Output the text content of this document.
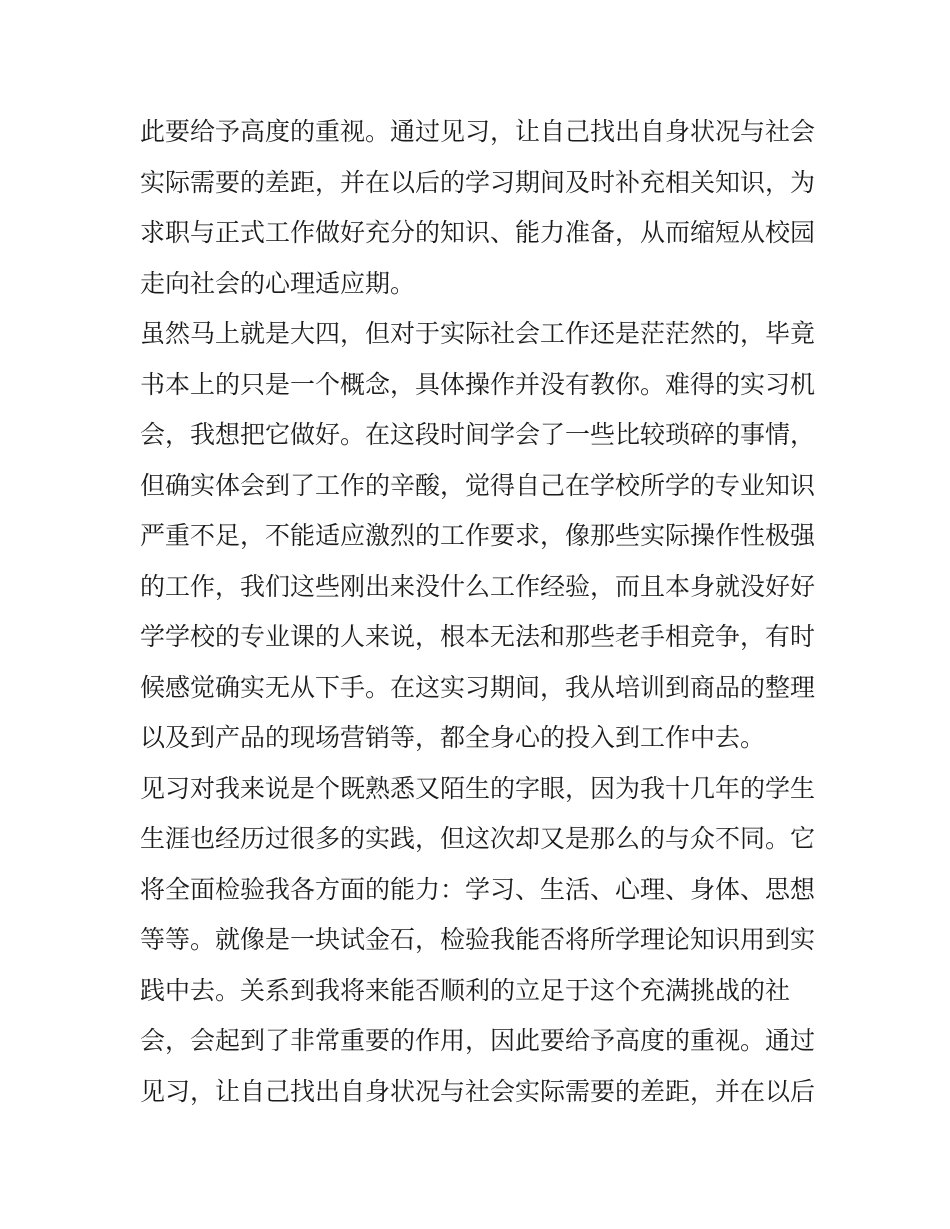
此要给予高度的重视。通过见习，让自己找出自身状况与社会
实际需要的差距，并在以后的学习期间及时补充相关知识，为
求职与正式工作做好充分的知识、能力准备，从而缩短从校园
走向社会的心理适应期。
虽然马上就是大四，但对于实际社会工作还是茫茫然的，毕竟
书本上的只是一个概念，具体操作并没有教你。难得的实习机
会，我想把它做好。在这段时间学会了一些比较琐碎的事情，
但确实体会到了工作的辛酸，觉得自己在学校所学的专业知识
严重不足，不能适应激烈的工作要求，像那些实际操作性极强
的工作，我们这些刚出来没什么工作经验，而且本身就没好好
学学校的专业课的人来说，根本无法和那些老手相竞争，有时
候感觉确实无从下手。在这实习期间，我从培训到商品的整理
以及到产品的现场营销等，都全身心的投入到工作中去。
见习对我来说是个既熟悉又陌生的字眼，因为我十几年的学生
生涯也经历过很多的实践，但这次却又是那么的与众不同。它
将全面检验我各方面的能力：学习、生活、心理、身体、思想
等等。就像是一块试金石，检验我能否将所学理论知识用到实
践中去。关系到我将来能否顺利的立足于这个充满挑战的社
会，会起到了非常重要的作用，因此要给予高度的重视。通过
见习，让自己找出自身状况与社会实际需要的差距，并在以后
